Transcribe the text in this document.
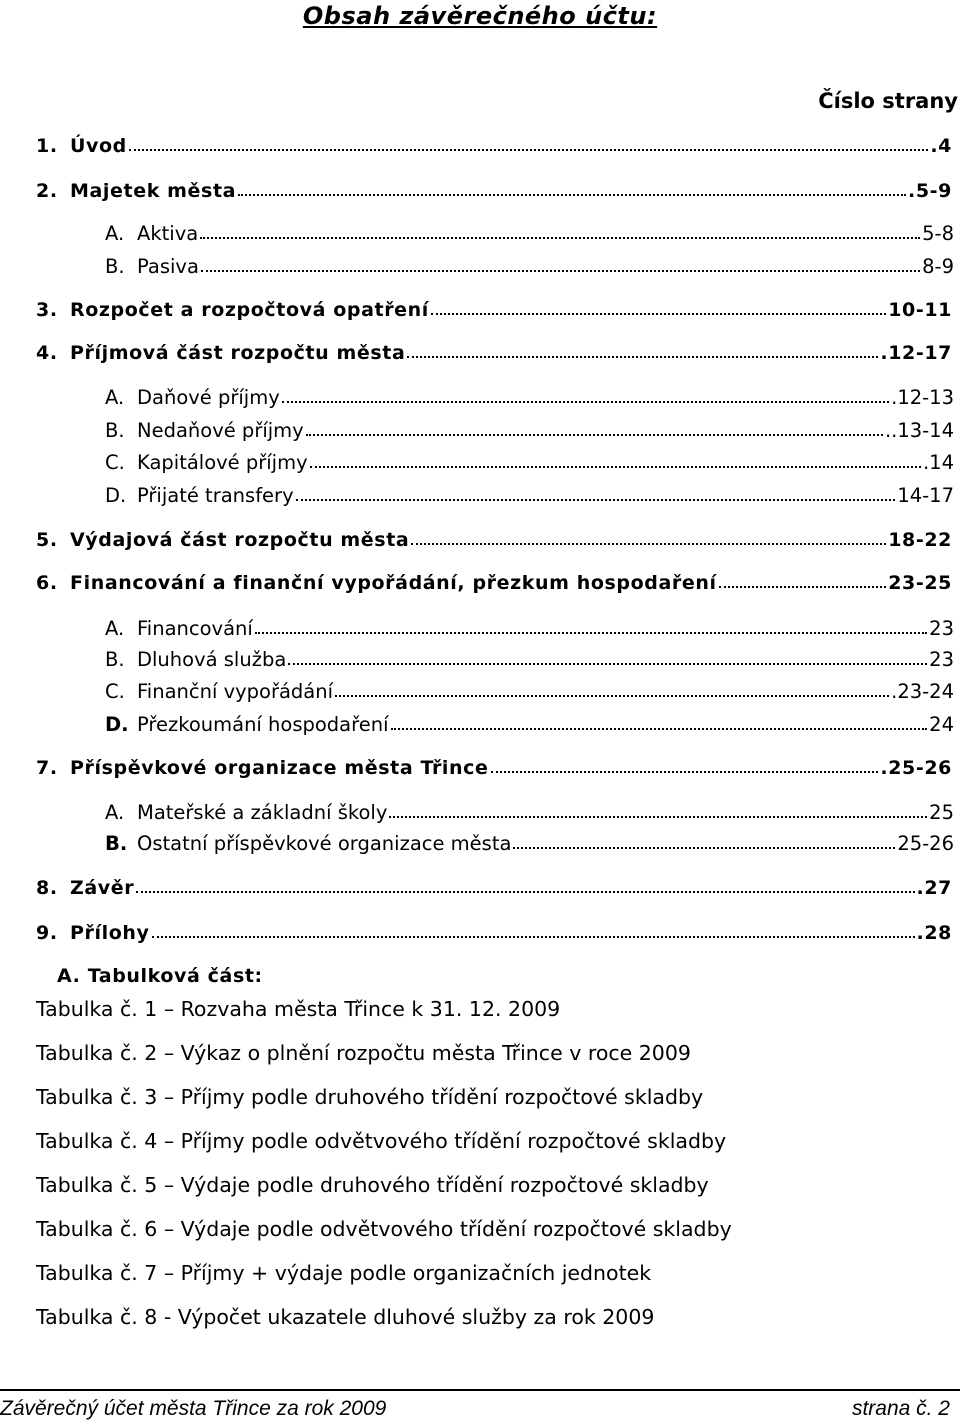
Obsah závěrečného účtu:
Číslo strany
1. Úvod	.4
2. Majetek města	.5-9
A. Aktiva	5-8
B. Pasiva	8-9
3. Rozpočet a rozpočtová opatření	10-11
4. Příjmová část rozpočtu města	.12-17
A. Daňové příjmy	.12-13
B. Nedaňové příjmy	..13-14
C. Kapitálové příjmy	.14
D. Přijaté transfery	14-17
5. Výdajová část rozpočtu města	18-22
6. Financování a finanční vypořádání, přezkum hospodaření	23-25
A. Financování	23
B. Dluhová služba	23
C. Finanční vypořádání	.23-24
D. Přezkoumání hospodaření	24
7. Příspěvkové organizace města Třince	.25-26
A. Mateřské a základní školy	25
B. Ostatní příspěvkové organizace města	25-26
8. Závěr	.27
9. Přílohy	.28
A. Tabulková část:
Tabulka č. 1 – Rozvaha města Třince k 31. 12. 2009
Tabulka č. 2 – Výkaz o plnění rozpočtu města Třince v roce 2009
Tabulka č. 3 – Příjmy podle druhového třídění rozpočtové skladby
Tabulka č. 4 – Příjmy podle odvětvového třídění rozpočtové skladby
Tabulka č. 5 – Výdaje podle druhového třídění rozpočtové skladby
Tabulka č. 6 – Výdaje podle odvětvového třídění rozpočtové skladby
Tabulka č. 7 – Příjmy + výdaje podle organizačních jednotek
Tabulka č. 8 - Výpočet ukazatele dluhové služby za rok 2009
Závěrečný účet města Třince za rok 2009	strana č. 2
